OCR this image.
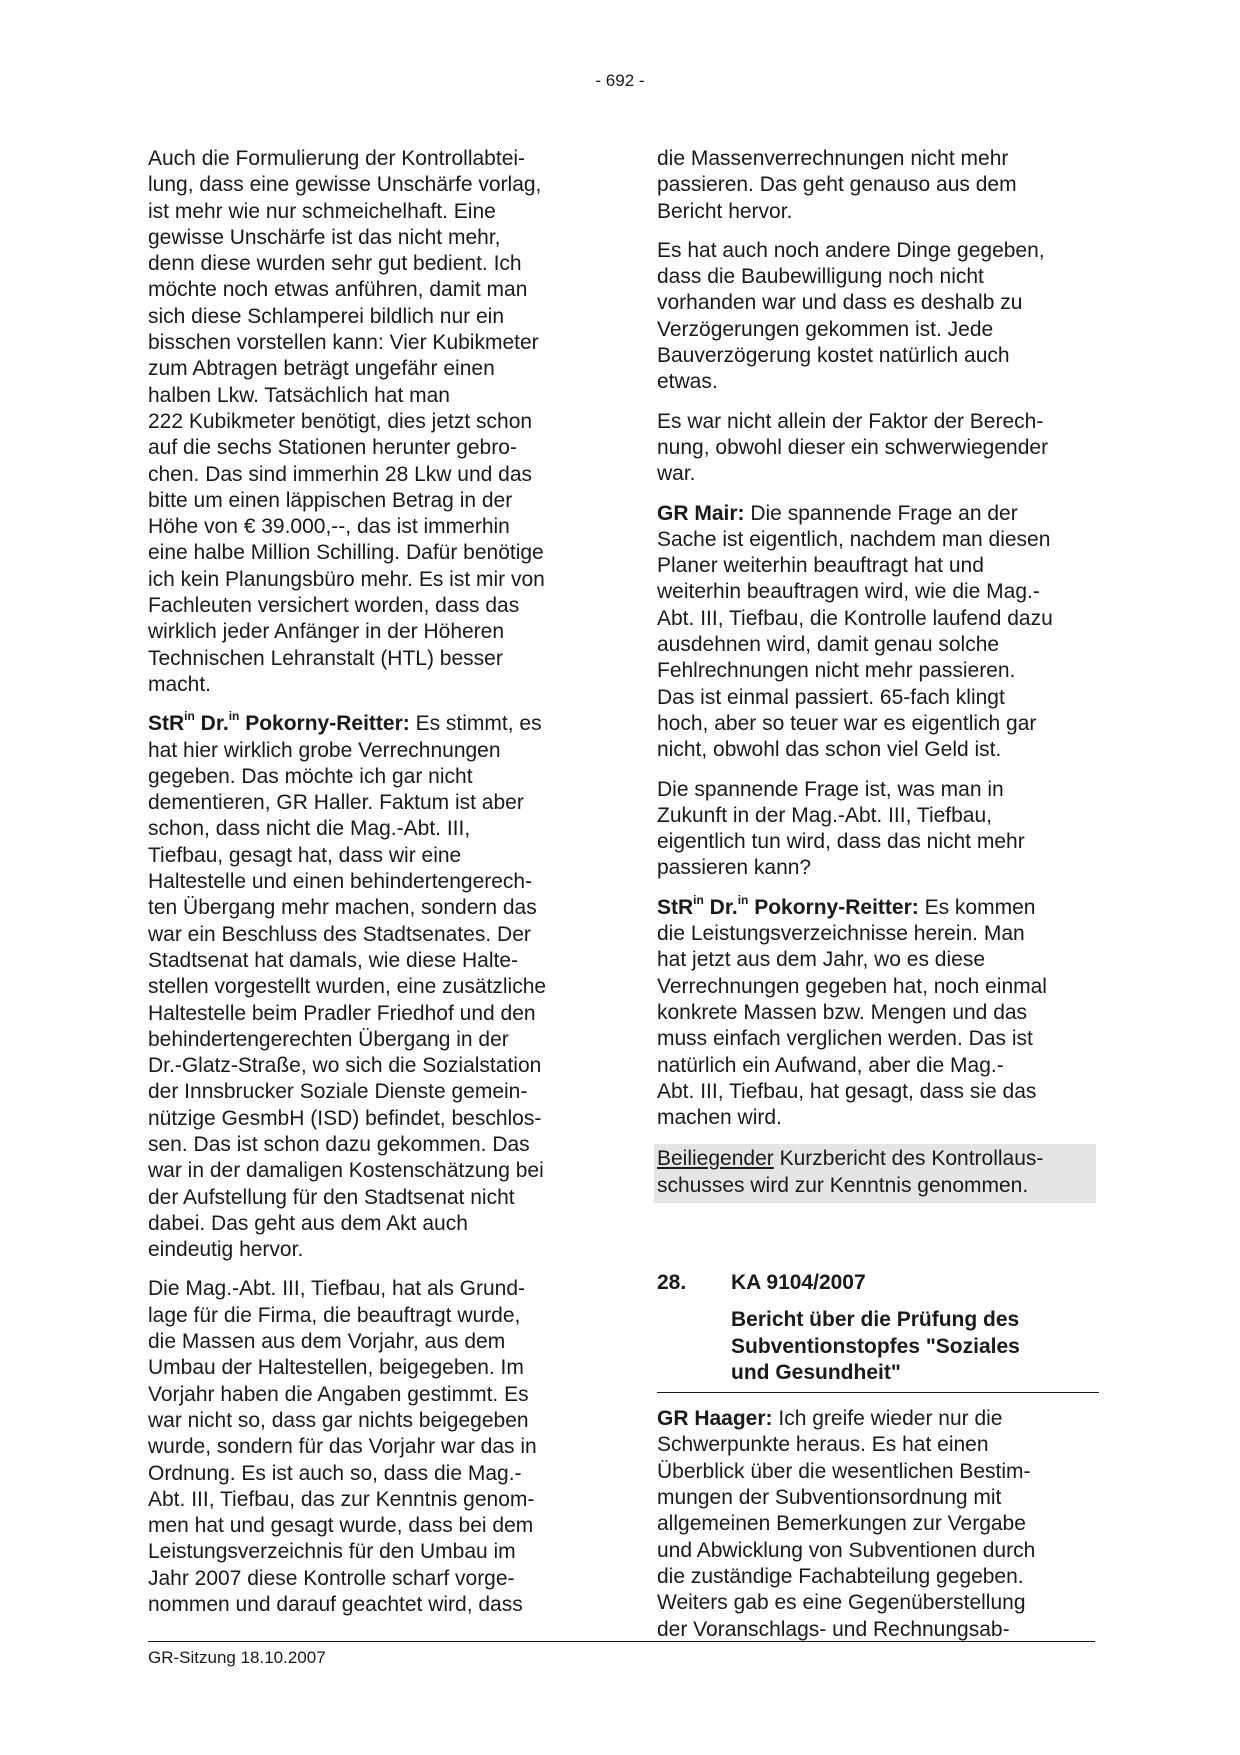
- 692 -

Auch die Formulierung der Kontrollabtei-
lung, dass eine gewisse Unschärfe vorlag,
ist mehr wie nur schmeichelhaft. Eine
gewisse Unschärfe ist das nicht mehr,
denn diese wurden sehr gut bedient. Ich
möchte noch etwas anführen, damit man
sich diese Schlamperei bildlich nur ein
bisschen vorstellen kann: Vier Kubikmeter
zum Abtragen beträgt ungefähr einen
halben Lkw. Tatsächlich hat man
222 Kubikmeter benötigt, dies jetzt schon
auf die sechs Stationen herunter gebro-
chen. Das sind immerhin 28 Lkw und das
bitte um einen läppischen Betrag in der
Höhe von € 39.000,--, das ist immerhin
eine halbe Million Schilling. Dafür benötige
ich kein Planungsbüro mehr. Es ist mir von
Fachleuten versichert worden, dass das
wirklich jeder Anfänger in der Höheren
Technischen Lehranstalt (HTL) besser
macht.

StR$^{in}$ Dr.$^{in}$ Pokorny-Reitter: Es stimmt, es
hat hier wirklich grobe Verrechnungen
gegeben. Das möchte ich gar nicht
dementieren, GR Haller. Faktum ist aber
schon, dass nicht die Mag.-Abt. III,
Tiefbau, gesagt hat, dass wir eine
Haltestelle und einen behindertengerech-
ten Übergang mehr machen, sondern das
war ein Beschluss des Stadtsenates. Der
Stadtsenat hat damals, wie diese Halte-
stellen vorgestellt wurden, eine zusätzliche
Haltestelle beim Pradler Friedhof und den
behindertengerechten Übergang in der
Dr.-Glatz-Straße, wo sich die Sozialstation
der Innsbrucker Soziale Dienste gemein-
nützige GesmbH (ISD) befindet, beschlos-
sen. Das ist schon dazu gekommen. Das
war in der damaligen Kostenschätzung bei
der Aufstellung für den Stadtsenat nicht
dabei. Das geht aus dem Akt auch
eindeutig hervor.

Die Mag.-Abt. III, Tiefbau, hat als Grund-
lage für die Firma, die beauftragt wurde,
die Massen aus dem Vorjahr, aus dem
Umbau der Haltestellen, beigegeben. Im
Vorjahr haben die Angaben gestimmt. Es
war nicht so, dass gar nichts beigegeben
wurde, sondern für das Vorjahr war das in
Ordnung. Es ist auch so, dass die Mag.-
Abt. III, Tiefbau, das zur Kenntnis genom-
men hat und gesagt wurde, dass bei dem
Leistungsverzeichnis für den Umbau im
Jahr 2007 diese Kontrolle scharf vorge-
nommen und darauf geachtet wird, dass

die Massenverrechnungen nicht mehr
passieren. Das geht genauso aus dem
Bericht hervor.

Es hat auch noch andere Dinge gegeben,
dass die Baubewilligung noch nicht
vorhanden war und dass es deshalb zu
Verzögerungen gekommen ist. Jede
Bauverzögerung kostet natürlich auch
etwas.

Es war nicht allein der Faktor der Berech-
nung, obwohl dieser ein schwerwiegender
war.

GR Mair: Die spannende Frage an der
Sache ist eigentlich, nachdem man diesen
Planer weiterhin beauftragt hat und
weiterhin beauftragen wird, wie die Mag.-
Abt. III, Tiefbau, die Kontrolle laufend dazu
ausdehnen wird, damit genau solche
Fehlrechnungen nicht mehr passieren.
Das ist einmal passiert. 65-fach klingt
hoch, aber so teuer war es eigentlich gar
nicht, obwohl das schon viel Geld ist.

Die spannende Frage ist, was man in
Zukunft in der Mag.-Abt. III, Tiefbau,
eigentlich tun wird, dass das nicht mehr
passieren kann?

StR$^{in}$ Dr.$^{in}$ Pokorny-Reitter: Es kommen
die Leistungsverzeichnisse herein. Man
hat jetzt aus dem Jahr, wo es diese
Verrechnungen gegeben hat, noch einmal
konkrete Massen bzw. Mengen und das
muss einfach verglichen werden. Das ist
natürlich ein Aufwand, aber die Mag.-
Abt. III, Tiefbau, hat gesagt, dass sie das
machen wird.

Beiliegender Kurzbericht des Kontrollaus-
schusses wird zur Kenntnis genommen.

28.	KA 9104/2007
Bericht über die Prüfung des
Subventionstopfes "Soziales
und Gesundheit"

GR Haager: Ich greife wieder nur die
Schwerpunkte heraus. Es hat einen
Überblick über die wesentlichen Bestim-
mungen der Subventionsordnung mit
allgemeinen Bemerkungen zur Vergabe
und Abwicklung von Subventionen durch
die zuständige Fachabteilung gegeben.
Weiters gab es eine Gegenüberstellung
der Voranschlags- und Rechnungsab-

GR-Sitzung 18.10.2007
